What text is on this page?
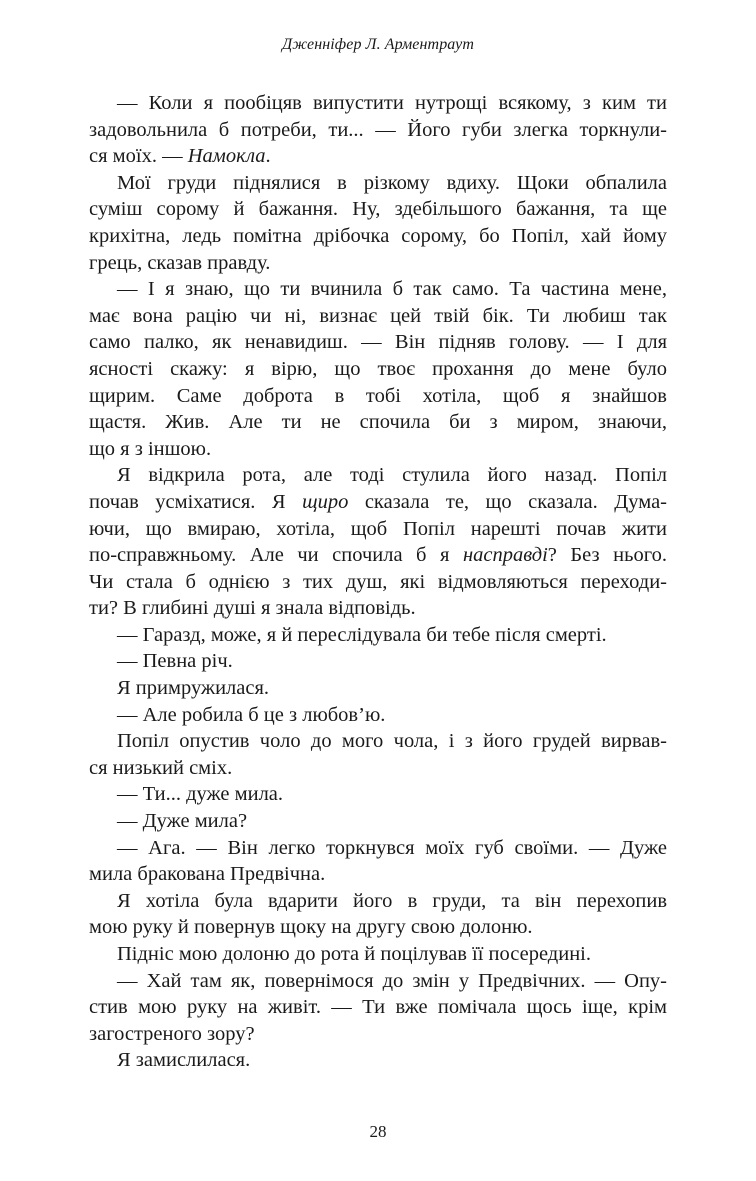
Дженніфер Л. Арментраут
— Коли я пообіцяв випустити нутрощі всякому, з ким ти
задовольнила б потреби, ти... — Його губи злегка торкнули-
ся моїх. — Намокла.
Мої груди піднялися в різкому вдиху. Щоки обпалила
суміш сорому й бажання. Ну, здебільшого бажання, та ще
крихітна, ледь помітна дрібочка сорому, бо Попіл, хай йому
грець, сказав правду.
— І я знаю, що ти вчинила б так само. Та частина мене,
має вона рацію чи ні, визнає цей твій бік. Ти любиш так
само палко, як ненавидиш. — Він підняв голову. — І для
ясності скажу: я вірю, що твоє прохання до мене було
щирим. Саме доброта в тобі хотіла, щоб я знайшов
щастя. Жив. Але ти не спочила би з миром, знаючи,
що я з іншою.
Я відкрила рота, але тоді стулила його назад. Попіл
почав усміхатися. Я щиро сказала те, що сказала. Дума-
ючи, що вмираю, хотіла, щоб Попіл нарешті почав жити
по-справжньому. Але чи спочила б я насправді? Без нього.
Чи стала б однією з тих душ, які відмовляються переходи-
ти? В глибині душі я знала відповідь.
— Гаразд, може, я й переслідувала би тебе після смерті.
— Певна річ.
Я примружилася.
— Але робила б це з любов’ю.
Попіл опустив чоло до мого чола, і з його грудей вирвав-
ся низький сміх.
— Ти... дуже мила.
— Дуже мила?
— Ага. — Він легко торкнувся моїх губ своїми. — Дуже
мила бракована Предвічна.
Я хотіла була вдарити його в груди, та він перехопив
мою руку й повернув щоку на другу свою долоню.
Підніс мою долоню до рота й поцілував її посередині.
— Хай там як, повернімося до змін у Предвічних. — Опу-
стив мою руку на живіт. — Ти вже помічала щось іще, крім
загостреного зору?
Я замислилася.
28
